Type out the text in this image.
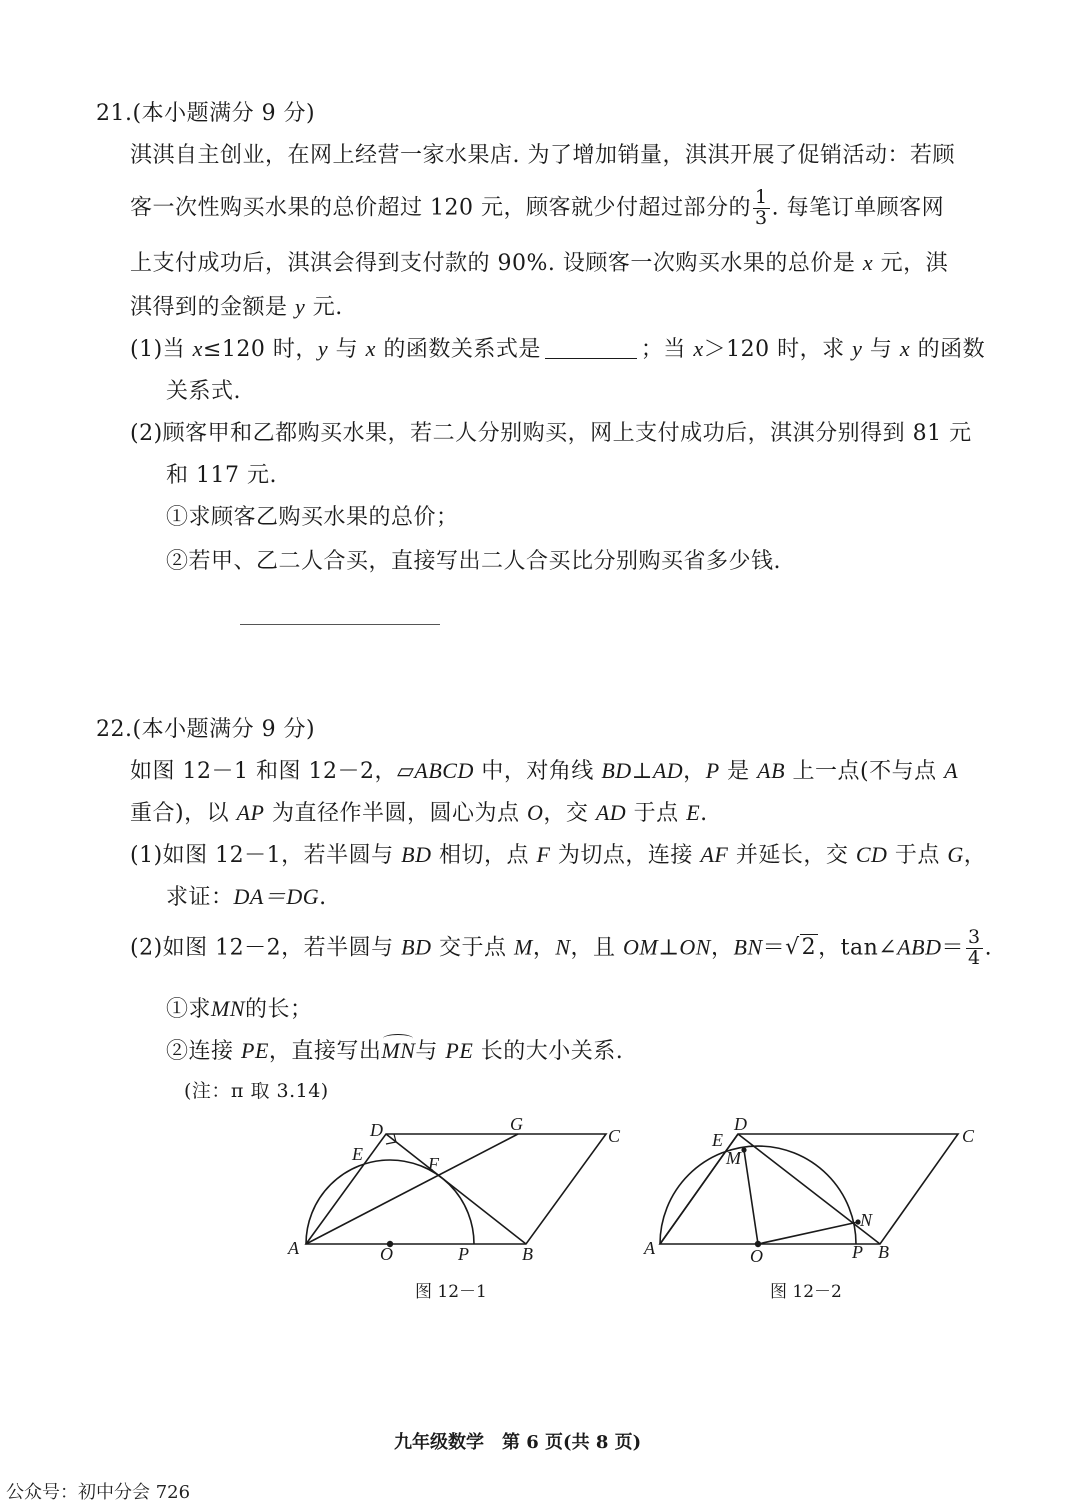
21.(本小题满分 9 分)
淇淇自主创业，在网上经营一家水果店. 为了增加销量，淇淇开展了促销活动：若顾
客一次性购买水果的总价超过 120 元，顾客就少付超过部分的 $\frac{1}{3}$ . 每笔订单顾客网
上支付成功后，淇淇会得到支付款的 90%. 设顾客一次购买水果的总价是 x 元，淇
淇得到的金额是 y 元.
(1)当 x≤120 时，y 与 x 的函数关系式是	；当 x＞120 时，求 y 与 x 的函数
关系式.
(2)顾客甲和乙都购买水果，若二人分别购买，网上支付成功后，淇淇分别得到 81 元
和 117 元.
①求顾客乙购买水果的总价；
②若甲、乙二人合买，直接写出二人合买比分别购买省多少钱.
22.(本小题满分 9 分)
如图 12－1 和图 12－2，▱ABCD 中，对角线 BD⊥AD，P 是 AB 上一点(不与点 A
重合)，以 AP 为直径作半圆，圆心为点 O，交 AD 于点 E.
(1)如图 12－1，若半圆与 BD 相切，点 F 为切点，连接 AF 并延长，交 CD 于点 G，
求证：DA＝DG.
(2)如图 12－2，若半圆与 BD 交于点 M，N，且 OM⊥ON，BN＝√2，tan∠ABD＝ $\frac{3}{4}$ .
①求MN的长；
②连接 PE，直接写出MN与 PE 长的大小关系.
(注：π 取 3.14)
A	B
C
D
E	F
G
O	P
图 12－1
A	B
C
D
E
M
N
O	P
图 12－2
九年级数学　第 6 页(共 8 页)
公众号：初中分会 726
